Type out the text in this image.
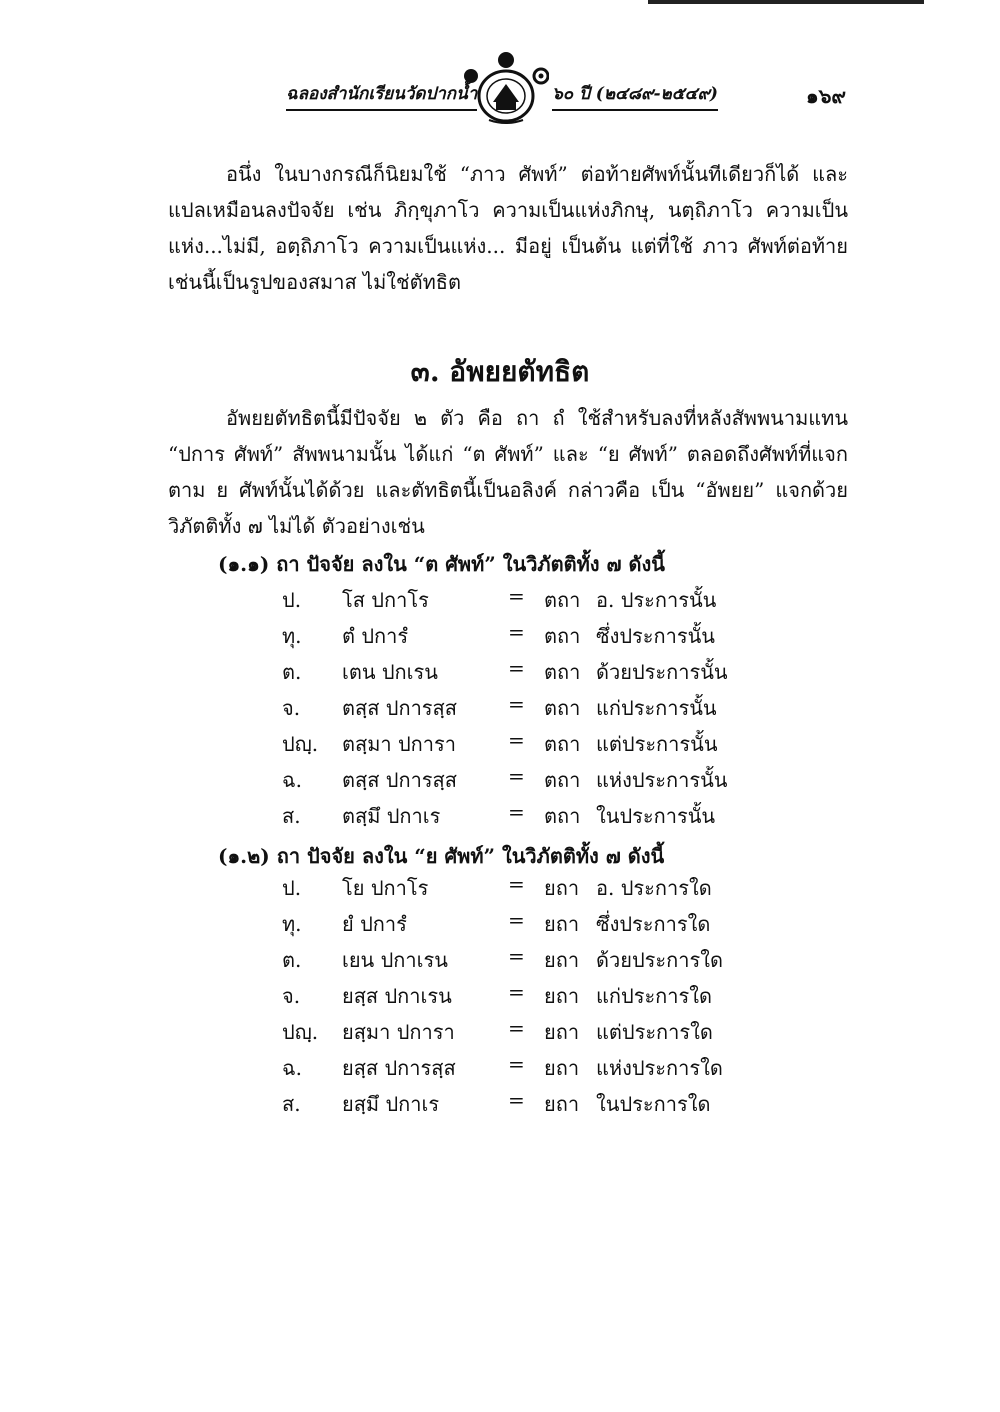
ฉลองสำนักเรียนวัดปากน้ำ	๖๐ ปี (๒๔๘๙-๒๕๔๙)	๑๖๙

อนึ่ง ในบางกรณีก็นิยมใช้ “ภาว ศัพท์” ต่อท้ายศัพท์นั้นทีเดียวก็ได้ และแปลเหมือนลงปัจจัย เช่น ภิกฺขุภาโว ความเป็นแห่งภิกษุ, นตฺถิภาโว ความเป็นแห่ง...ไม่มี, อตฺถิภาโว ความเป็นแห่ง... มีอยู่ เป็นต้น แต่ที่ใช้ ภาว ศัพท์ต่อท้ายเช่นนี้เป็นรูปของสมาส ไม่ใช่ตัทธิต

๓. อัพยยตัทธิต

อัพยยตัทธิตนี้มีปัจจัย ๒ ตัว คือ ถา ถํ ใช้สำหรับลงที่หลังสัพพนามแทน “ปการ ศัพท์” สัพพนามนั้น ได้แก่ “ต ศัพท์” และ “ย ศัพท์” ตลอดถึงศัพท์ที่แจกตาม ย ศัพท์นั้นได้ด้วย และตัทธิตนี้เป็นอลิงค์ กล่าวคือ เป็น “อัพยย” แจกด้วยวิภัตติทั้ง ๗ ไม่ได้ ตัวอย่างเช่น

(๑.๑) ถา ปัจจัย ลงใน “ต ศัพท์” ในวิภัตติทั้ง ๗ ดังนี้
ป. โส ปกาโร	= ตถา อ. ประการนั้น
ทุ. ตํ ปการํ	= ตถา ซึ่งประการนั้น
ต. เตน ปกเรน	= ตถา ด้วยประการนั้น
จ. ตสฺส ปการสฺส	= ตถา แก่ประการนั้น
ปญฺ. ตสฺมา ปการา	= ตถา แต่ประการนั้น
ฉ. ตสฺส ปการสฺส	= ตถา แห่งประการนั้น
ส. ตสฺมึ ปกาเร	= ตถา ในประการนั้น
(๑.๒) ถา ปัจจัย ลงใน “ย ศัพท์” ในวิภัตติทั้ง ๗ ดังนี้
ป. โย ปกาโร	= ยถา อ. ประการใด
ทุ. ยํ ปการํ	= ยถา ซึ่งประการใด
ต. เยน ปกาเรน	= ยถา ด้วยประการใด
จ. ยสฺส ปกาเรน	= ยถา แก่ประการใด
ปญฺ. ยสฺมา ปการา	= ยถา แต่ประการใด
ฉ. ยสฺส ปการสฺส	= ยถา แห่งประการใด
ส. ยสฺมึ ปกาเร	= ยถา ในประการใด
